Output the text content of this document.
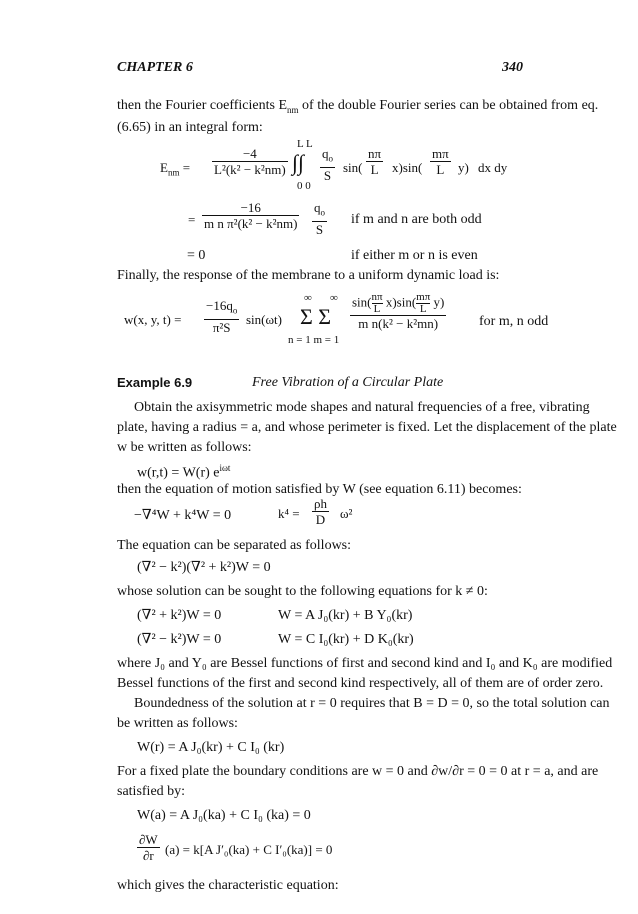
CHAPTER 6	340
then the Fourier coefficients $E_{nm}$ of the double Fourier series can be obtained from eq.
(6.65) in an integral form:
$E_{nm} = \frac{-4}{\text{L²(k² − k²nm)}}$
L L
∫∫
0 0
$\frac{q_o}{S} \sin( \frac{n\pi}{L} x)\sin( \frac{m\pi}{L} y)$ dx dy
= $\frac{-16}{\text{m n π²(k² − k²nm)}} \frac{q_o}{S}$ if m and n are both odd
= 0	if either m or n is even
Finally, the response of the membrane to a uniform dynamic load is:
w(x, y, $t) = \frac{-16q_o}{\text{π²S}} \sin(\omega t)$
∞ ∞
Σ Σ
n = 1 m = 1
$\sin( \frac{n\pi}{L} x)\sin( \frac{m\pi}{L} y)$
m n(k² − k²mn)	for m, n odd
Example 6.9	Free Vibration of a Circular Plate
Obtain the axisymmetric mode shapes and natural frequencies of a free, vibrating
plate, having a radius = a, and whose perimeter is fixed. Let the displacement of the plate
w be written as follows:
w(r,t) = W(r) $e^{i\omega t}$
then the equation of motion satisfied by W (see equation 6.11) becomes:
−∇⁴W + k⁴W = 0	$k^4 = \frac{\rho h}{D} \omega^2$
The equation can be separated as follows:
(∇² − k²)(∇² + k²)W = 0
whose solution can be sought to the following equations for k ≠ 0:
(∇² + k²)W = 0	W = A J₀(kr) + B Y₀(kr)
(∇² − k²)W = 0	W = C I₀(kr) + D K₀(kr)
where J₀ and Y₀ are Bessel functions of first and second kind and I₀ and K₀ are modified
Bessel functions of the first and second kind respectively, all of them are of order zero.
Boundedness of the solution at r = 0 requires that B = D = 0, so the total solution can
be written as follows:
W(r) = A J₀(kr) + C I₀ (kr)
For a fixed plate the boundary conditions are w = 0 and ∂w/∂r = 0 = 0 at r = a, and are
satisfied by:
W(a) = A J₀(ka) + C I₀ (ka) = 0
$\frac{\partial W}{\partial r} (a) = k[A$ J′₀(ka) + C I′₀(ka)] = 0
which gives the characteristic equation:
